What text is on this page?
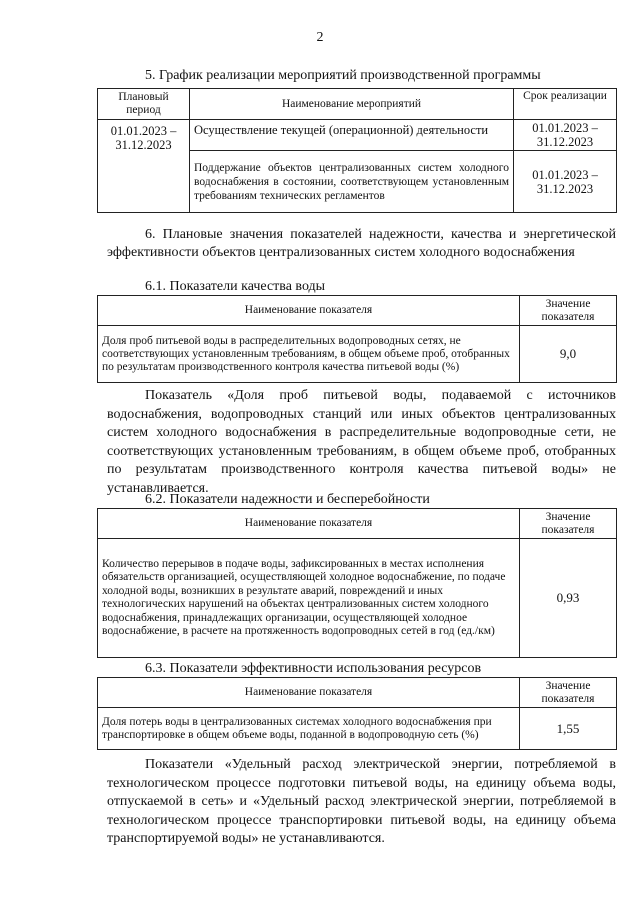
2
5. График реализации мероприятий производственной программы
Плановый период	Наименование мероприятий	Срок реализации
01.01.2023 – 31.12.2023	Осуществление текущей (операционной) деятельности	01.01.2023 – 31.12.2023
	Поддержание объектов централизованных систем холодного водоснабжения в состоянии, соответствующем установленным требованиям технических регламентов	01.01.2023 – 31.12.2023
6. Плановые значения показателей надежности, качества и энергетической эффективности объектов централизованных систем холодного водоснабжения
6.1. Показатели качества воды
Наименование показателя	Значение показателя
Доля проб питьевой воды в распределительных водопроводных сетях, не соответствующих установленным требованиям, в общем объеме проб, отобранных по результатам производственного контроля качества питьевой воды (%)	9,0
Показатель «Доля проб питьевой воды, подаваемой с источников водоснабжения, водопроводных станций или иных объектов централизованных систем холодного водоснабжения в распределительные водопроводные сети, не соответствующих установленным требованиям, в общем объеме проб, отобранных по результатам производственного контроля качества питьевой воды» не устанавливается.
6.2. Показатели надежности и бесперебойности
Наименование показателя	Значение показателя
Количество перерывов в подаче воды, зафиксированных в местах исполнения обязательств организацией, осуществляющей холодное водоснабжение, по подаче холодной воды, возникших в результате аварий, повреждений и иных технологических нарушений на объектах централизованных систем холодного водоснабжения, принадлежащих организации, осуществляющей холодное водоснабжение, в расчете на протяженность водопроводных сетей в год (ед./км)	0,93
6.3. Показатели эффективности использования ресурсов
Наименование показателя	Значение показателя
Доля потерь воды в централизованных системах холодного водоснабжения при транспортировке в общем объеме воды, поданной в водопроводную сеть (%)	1,55
Показатели «Удельный расход электрической энергии, потребляемой в технологическом процессе подготовки питьевой воды, на единицу объема воды, отпускаемой в сеть» и «Удельный расход электрической энергии, потребляемой в технологическом процессе транспортировки питьевой воды, на единицу объема транспортируемой воды» не устанавливаются.
